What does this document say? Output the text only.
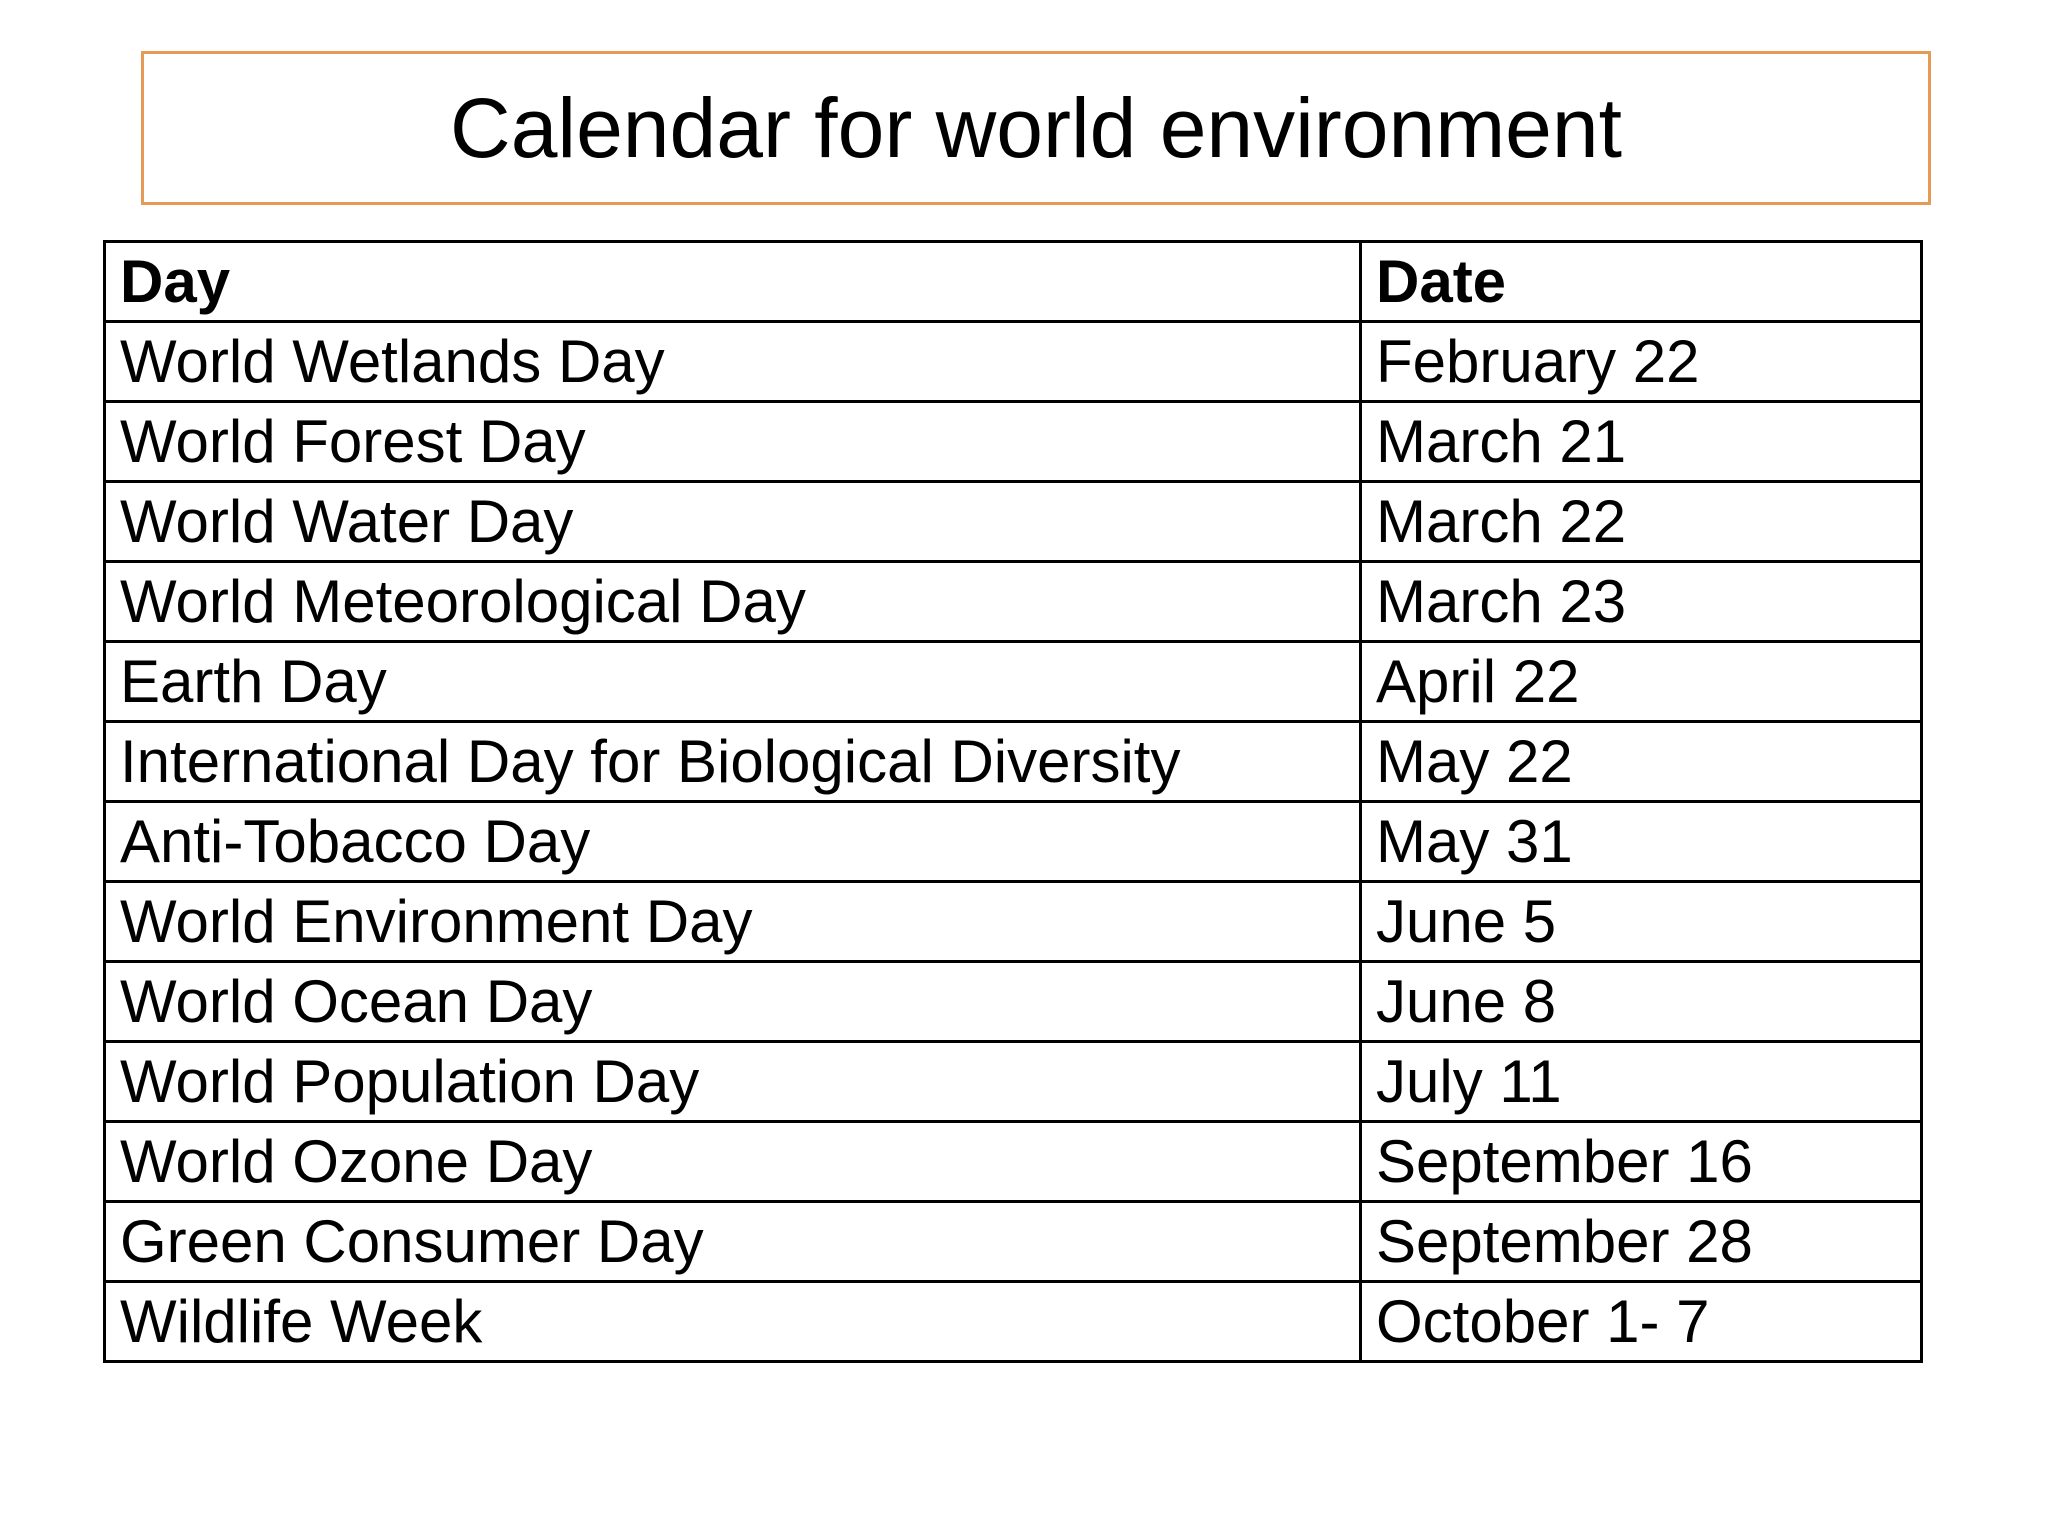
Calendar for world environment
Day	Date
World Wetlands Day	February 22
World Forest Day	March 21
World Water Day	March 22
World Meteorological Day	March 23
Earth Day	April 22
International Day for Biological Diversity	May 22
Anti-Tobacco Day	May 31
World Environment Day	June 5
World Ocean Day	June 8
World Population Day	July 11
World Ozone Day	September 16
Green Consumer Day	September 28
Wildlife Week	October 1- 7
